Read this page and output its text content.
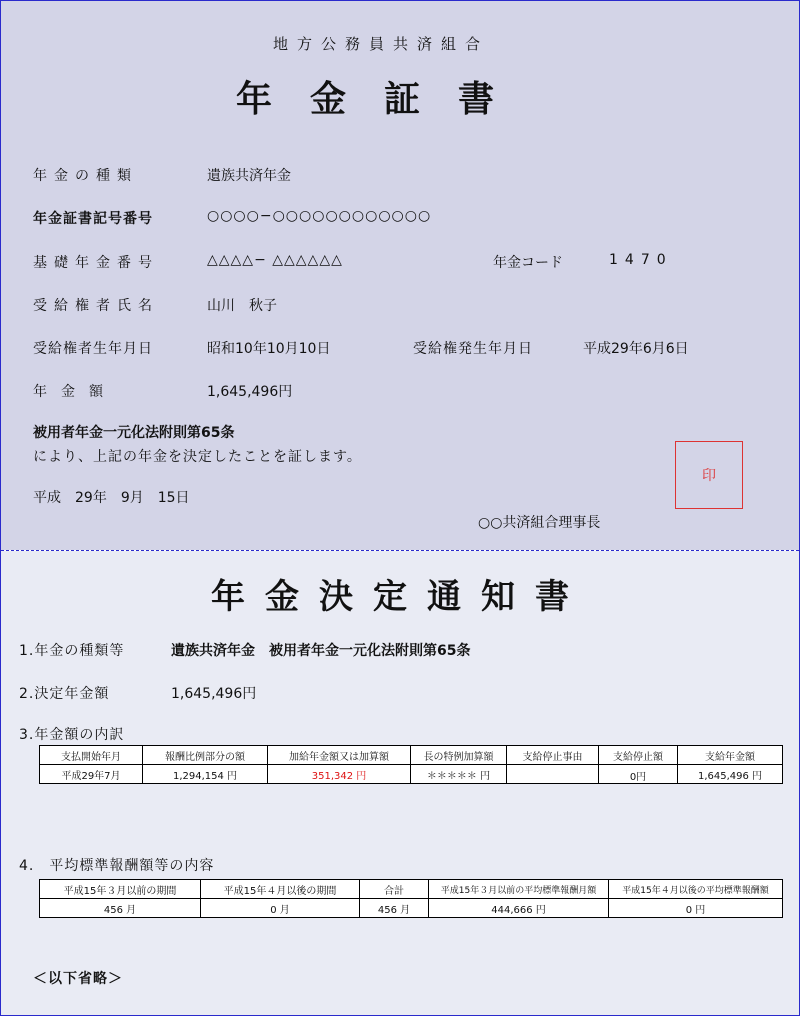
地方公務員共済組合
年金証書
年金の種類	遺族共済年金
年金証書記号番号	○○○○−○○○○○○○○○○○○
基礎年金番号	△△△△− △△△△△△	年金コード	1470
受給権者氏名	山川　秋子
受給権者生年月日	昭和10年10月10日	受給権発生年月日	平成29年6月6日
年　金　額	1,645,496円
被用者年金一元化法附則第65条
により、上記の年金を決定したことを証します。
平成　29年　9月　15日
○○共済組合理事長
印
年金決定通知書
1.年金の種類等	遺族共済年金　被用者年金一元化法附則第65条
2.決定年金額	1,645,496円
3.年金額の内訳
支払開始年月	報酬比例部分の額	加給年金額又は加算額	長の特例加算額	支給停止事由	支給停止額	支給年金額
平成29年7月	1,294,154 円	351,342 円	＊＊＊＊＊ 円		0円	1,645,496 円
4.　平均標準報酬額等の内容
平成15年３月以前の期間	平成15年４月以後の期間	合計	平成15年３月以前の平均標準報酬月額	平成15年４月以後の平均標準報酬額
456 月	0 月	456 月	444,666 円	0 円
＜以下省略＞
